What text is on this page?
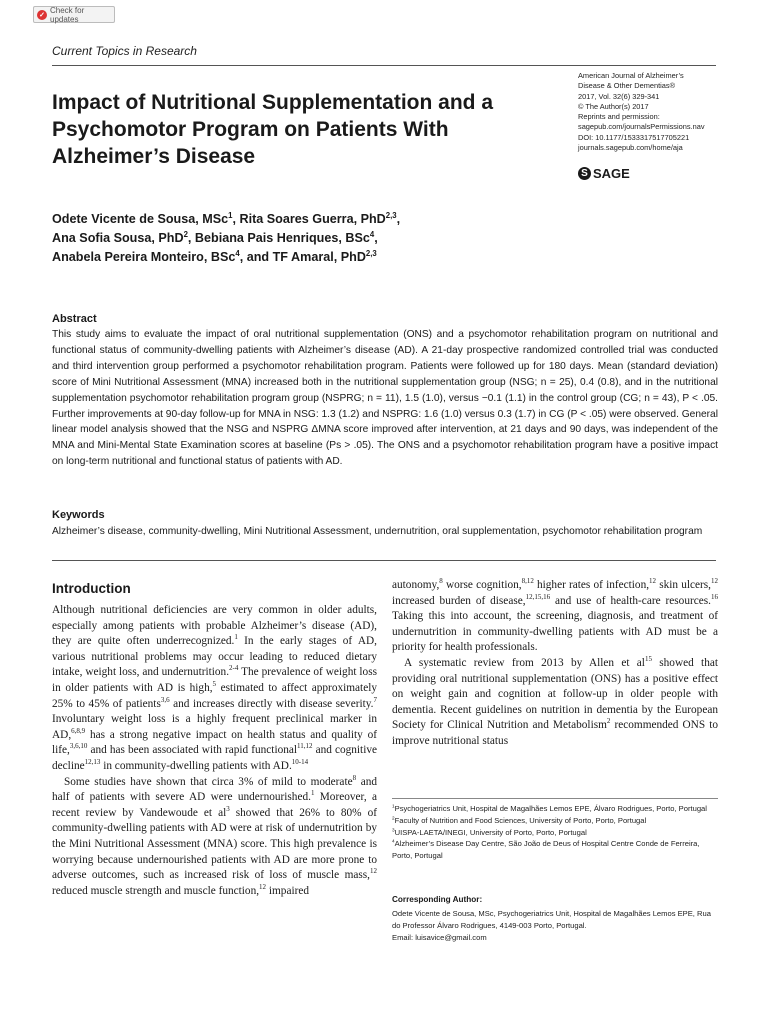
✓
Check for updates
Current Topics in Research
Impact of Nutritional Supplementation and a Psychomotor Program on Patients With Alzheimer’s Disease
American Journal of Alzheimer’s
Disease & Other Dementias®
2017, Vol. 32(6) 329-341
© The Author(s) 2017
Reprints and permission:
sagepub.com/journalsPermissions.nav
DOI: 10.1177/1533317517705221
journals.sagepub.com/home/aja
S SAGE
Odete Vicente de Sousa, MSc$^1$, Rita Soares Guerra, PhD$^{2,3}$,
Ana Sofia Sousa, PhD$^2$, Bebiana Pais Henriques, BSc$^4$,
Anabela Pereira Monteiro, BSc$^4$, and TF Amaral, PhD$^{2,3}$
Abstract
This study aims to evaluate the impact of oral nutritional supplementation (ONS) and a psychomotor rehabilitation program on nutritional and functional status of community-dwelling patients with Alzheimer’s disease (AD). A 21-day prospective randomized controlled trial was conducted and third intervention group performed a psychomotor rehabilitation program. Patients were followed up for 180 days. Mean (standard deviation) score of Mini Nutritional Assessment (MNA) increased both in the nutritional supplementation group (NSG; n = 25), 0.4 (0.8), and in the nutritional supplementation psychomotor rehabilitation program group (NSPRG; n = 11), 1.5 (1.0), versus −0.1 (1.1) in the control group (CG; n = 43), P < .05. Further improvements at 90-day follow-up for MNA in NSG: 1.3 (1.2) and NSPRG: 1.6 (1.0) versus 0.3 (1.7) in CG (P < .05) were observed. General linear model analysis showed that the NSG and NSPRG ΔMNA score improved after intervention, at 21 days and 90 days, was independent of the MNA and Mini-Mental State Examination scores at baseline (Ps > .05). The ONS and a psychomotor rehabilitation program have a positive impact on long-term nutritional and functional status of patients with AD.
Keywords
Alzheimer’s disease, community-dwelling, Mini Nutritional Assessment, undernutrition, oral supplementation, psychomotor rehabilitation program
Introduction

Although nutritional deficiencies are very common in older adults, especially among patients with probable Alzheimer’s disease (AD), they are quite often underrecognized.$^1$ In the early stages of AD, various nutritional problems may occur leading to reduced dietary intake, weight loss, and undernutrition.$^{2-4}$ The prevalence of weight loss in older patients with AD is high,$^5$ estimated to affect approximately 25% to 45% of patients$^{3,6}$ and increases directly with disease severity.$^7$ Involuntary weight loss is a highly frequent preclinical marker in AD,$^{6,8,9}$ has a strong negative impact on health status and quality of life,$^{3,6,10}$ and has been associated with rapid functional$^{11,12}$ and cognitive decline$^{12,13}$ in community-dwelling patients with AD.$^{10-14}$

Some studies have shown that circa 3% of mild to moderate$^8$ and half of patients with severe AD were undernourished.$^1$ Moreover, a recent review by Vandewoude et $al^3$ showed that 26% to 80% of community-dwelling patients with AD were at risk of undernutrition by the Mini Nutritional Assessment (MNA) score. This high prevalence is worrying because undernourished patients with AD are more prone to adverse outcomes, such as increased risk of loss of muscle mass,$^{12}$ reduced muscle strength and muscle function,$^{12}$ impaired

autonomy,$^8$ worse cognition,$^{8,12}$ higher rates of infection,$^{12}$ skin ulcers,$^{12}$ increased burden of disease,$^{12,15,16}$ and use of health-care resources.$^{16}$ Taking this into account, the screening, diagnosis, and treatment of undernutrition in community-dwelling patients with AD must be a priority for health professionals.

A systematic review from 2013 by Allen et $al^{15}$ showed that providing oral nutritional supplementation (ONS) has a positive effect on weight gain and cognition at follow-up in older people with dementia. Recent guidelines on nutrition in dementia by the European Society for Clinical Nutrition and Metabolism$^2$ recommended ONS to improve nutritional status

$^1$Psychogeriatrics Unit, Hospital de Magalhães Lemos EPE, Álvaro Rodrigues, Porto, Portugal

$^2$Faculty of Nutrition and Food Sciences, University of Porto, Porto, Portugal

$^3$UISPA-LAETA/INEGI, University of Porto, Porto, Portugal

$^4$Alzheimer’s Disease Day Centre, São João de Deus of Hospital Centre Conde de Ferreira, Porto, Portugal

Corresponding Author:

Odete Vicente de Sousa, MSc, Psychogeriatrics Unit, Hospital de Magalhães Lemos EPE, Rua do Professor Álvaro Rodrigues, 4149-003 Porto, Portugal.

Email: luisavice@gmail.com
